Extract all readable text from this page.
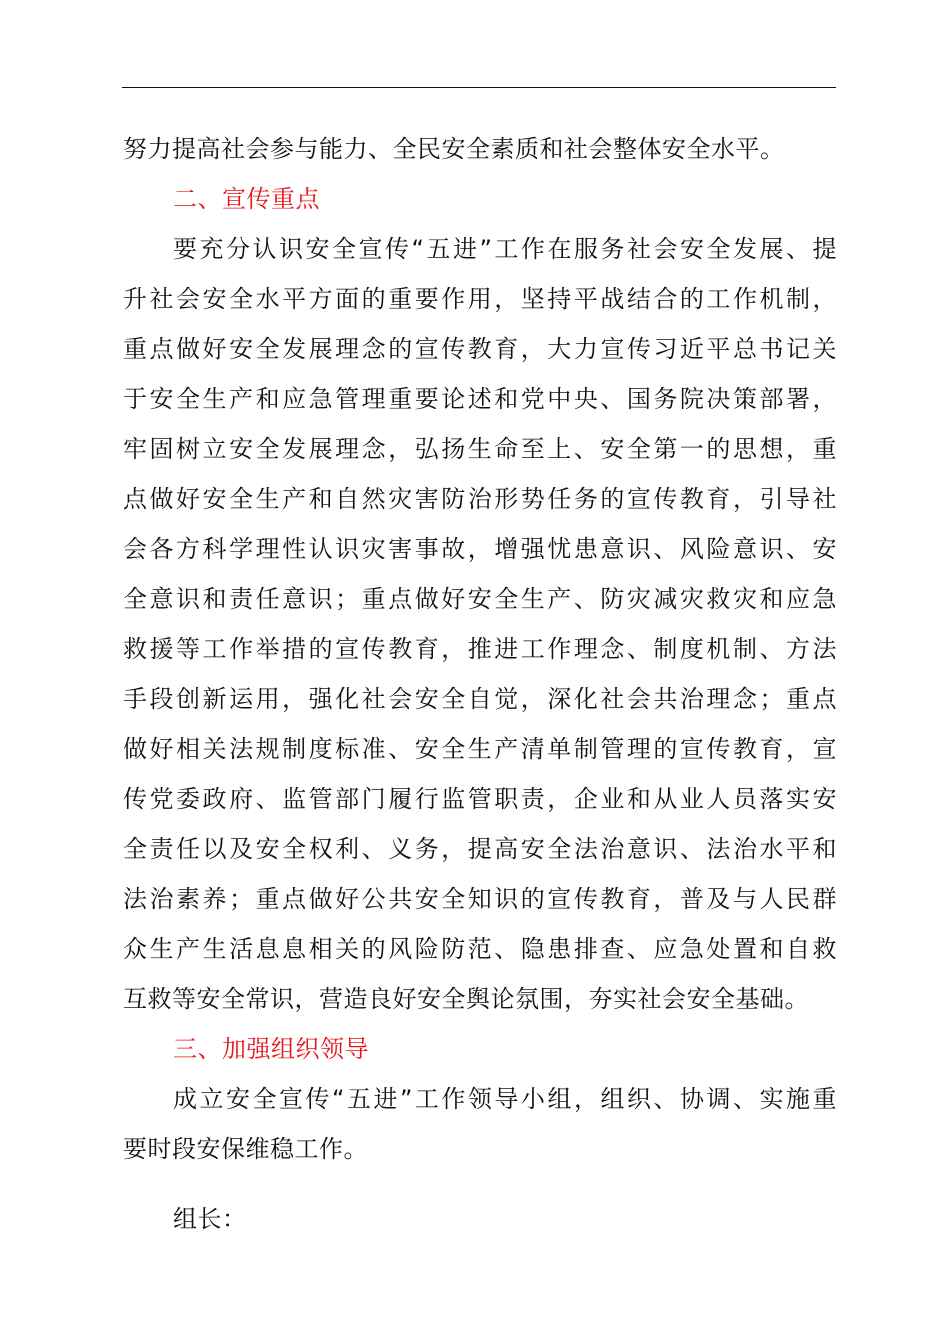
努力提高社会参与能力、全民安全素质和社会整体安全水平。
二、宣传重点
要充分认识安全宣传“五进”工作在服务社会安全发展、提
升社会安全水平方面的重要作用，坚持平战结合的工作机制，
重点做好安全发展理念的宣传教育，大力宣传习近平总书记关
于安全生产和应急管理重要论述和党中央、国务院决策部署，
牢固树立安全发展理念，弘扬生命至上、安全第一的思想，重
点做好安全生产和自然灾害防治形势任务的宣传教育，引导社
会各方科学理性认识灾害事故，增强忧患意识、风险意识、安
全意识和责任意识；重点做好安全生产、防灾减灾救灾和应急
救援等工作举措的宣传教育，推进工作理念、制度机制、方法
手段创新运用，强化社会安全自觉，深化社会共治理念；重点
做好相关法规制度标准、安全生产清单制管理的宣传教育，宣
传党委政府、监管部门履行监管职责，企业和从业人员落实安
全责任以及安全权利、义务，提高安全法治意识、法治水平和
法治素养；重点做好公共安全知识的宣传教育，普及与人民群
众生产生活息息相关的风险防范、隐患排查、应急处置和自救
互救等安全常识，营造良好安全舆论氛围，夯实社会安全基础。
三、加强组织领导
成立安全宣传“五进”工作领导小组，组织、协调、实施重
要时段安保维稳工作。
组长：
